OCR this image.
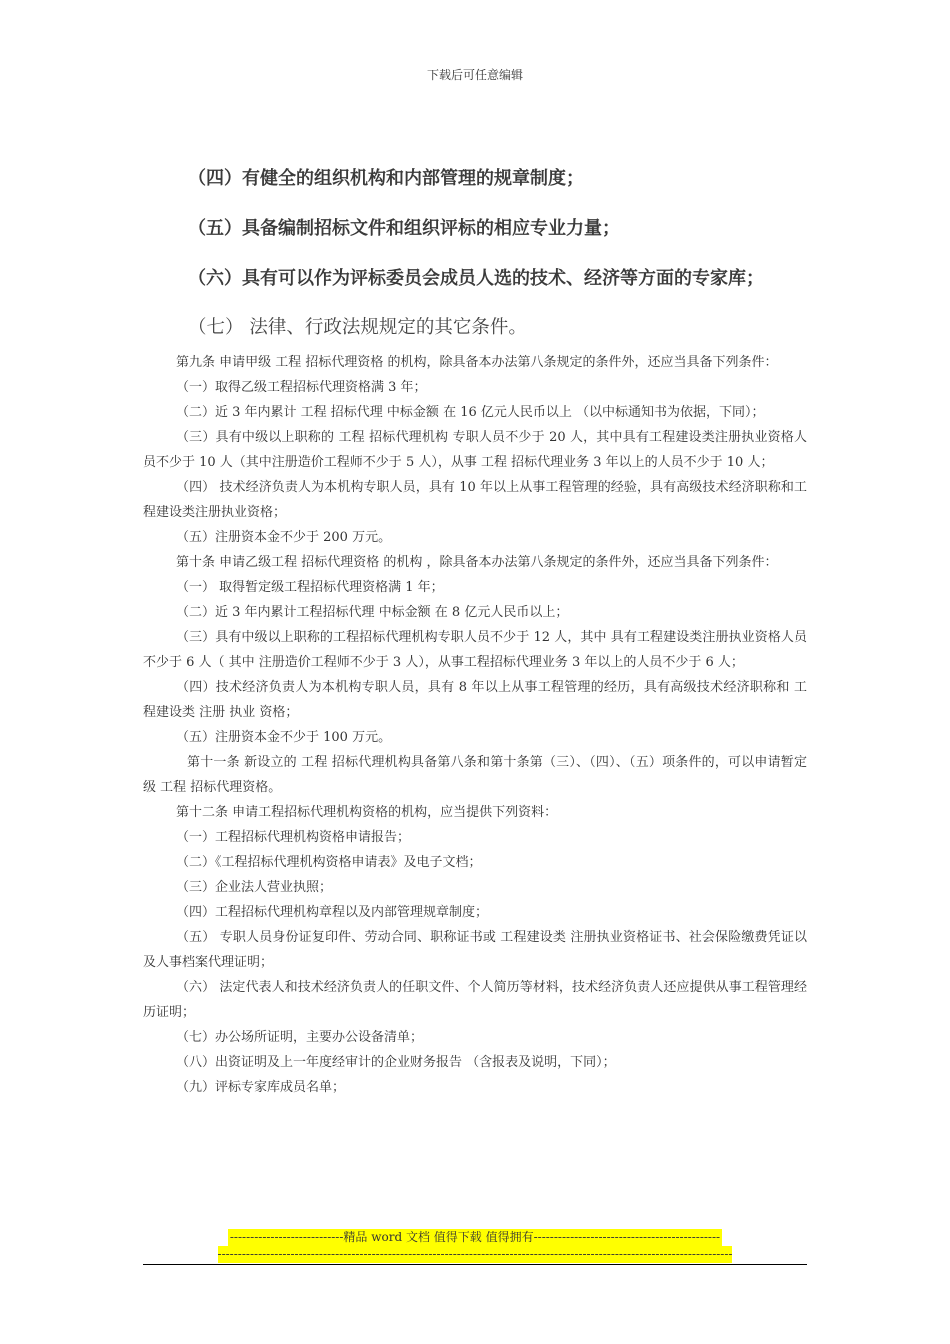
下载后可任意编辑
（四）有健全的组织机构和内部管理的规章制度；
（五）具备编制招标文件和组织评标的相应专业力量；
（六）具有可以作为评标委员会成员人选的技术、经济等方面的专家库；
（七） 法律、行政法规规定的其它条件。

第九条 申请甲级 工程 招标代理资格 的机构，除具备本办法第八条规定的条件外，还应当具备下列条件：

（一）取得乙级工程招标代理资格满 3 年；

（二）近 3 年内累计 工程 招标代理 中标金额 在 16 亿元人民币以上 （以中标通知书为依据，下同）；

（三）具有中级以上职称的 工程 招标代理机构 专职人员不少于 20 人，其中具有工程建设类注册执业资格人员不少于 10 人（其中注册造价工程师不少于 5 人），从事 工程 招标代理业务 3 年以上的人员不少于 10 人；

（四） 技术经济负责人为本机构专职人员，具有 10 年以上从事工程管理的经验，具有高级技术经济职称和工程建设类注册执业资格；

（五）注册资本金不少于 200 万元。

第十条 申请乙级工程 招标代理资格 的机构 ，除具备本办法第八条规定的条件外，还应当具备下列条件：

（一） 取得暂定级工程招标代理资格满 1 年；

（二）近 3 年内累计工程招标代理 中标金额 在 8 亿元人民币以上；

（三）具有中级以上职称的工程招标代理机构专职人员不少于 12 人，其中 具有工程建设类注册执业资格人员不少于 6 人（ 其中 注册造价工程师不少于 3 人），从事工程招标代理业务 3 年以上的人员不少于 6 人；

（四）技术经济负责人为本机构专职人员，具有 8 年以上从事工程管理的经历，具有高级技术经济职称和 工程建设类 注册 执业 资格；

（五）注册资本金不少于 100 万元。

第十一条 新设立的 工程 招标代理机构具备第八条和第十条第（三）、（四）、（五）项条件的，可以申请暂定级 工程 招标代理资格。

第十二条 申请工程招标代理机构资格的机构，应当提供下列资料：

（一）工程招标代理机构资格申请报告；

（二）《工程招标代理机构资格申请表》及电子文档；

（三）企业法人营业执照；

（四）工程招标代理机构章程以及内部管理规章制度；

（五） 专职人员身份证复印件、劳动合同、职称证书或 工程建设类 注册执业资格证书、社会保险缴费凭证以及人事档案代理证明；

（六） 法定代表人和技术经济负责人的任职文件、个人简历等材料，技术经济负责人还应提供从事工程管理经历证明；

（七）办公场所证明，主要办公设备清单；

（八）出资证明及上一年度经审计的企业财务报告 （含报表及说明，下同）；

（九）评标专家库成员名单；

----------------------------精品 word 文档 值得下载 值得拥有----------------------------------------------
-------------------------------------------------------------------------------------------------------------------------------
